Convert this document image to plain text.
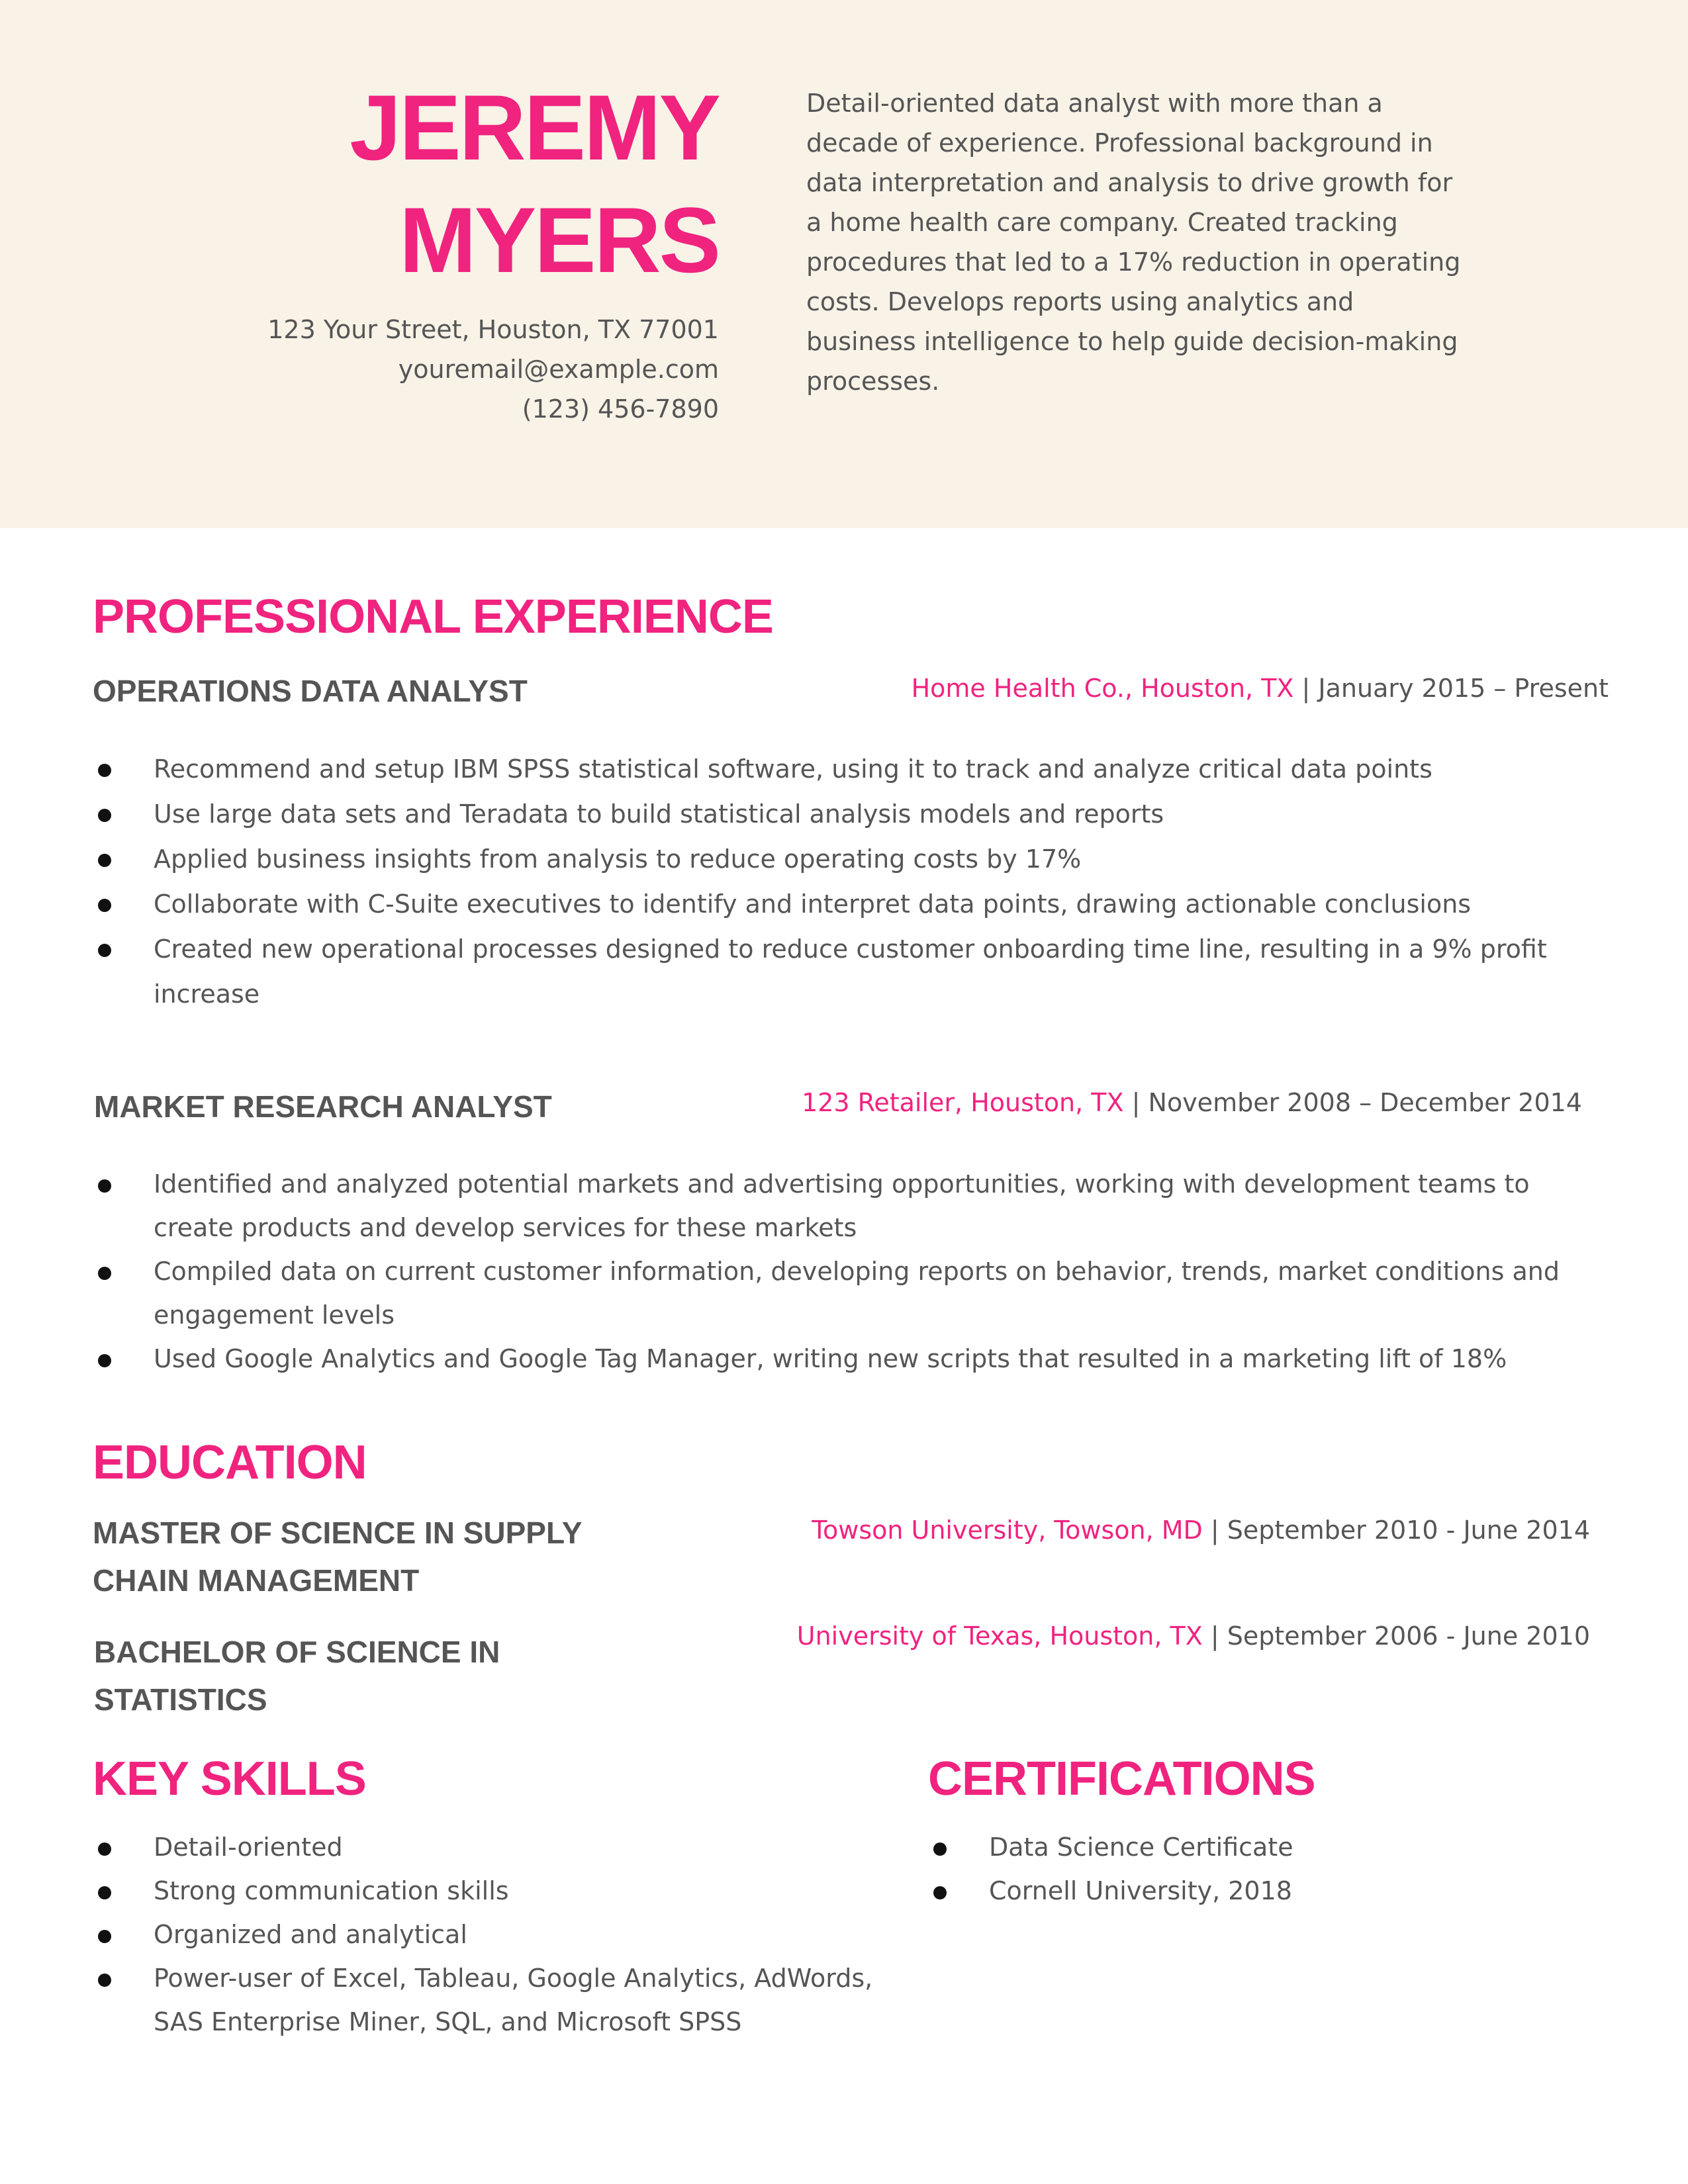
JEREMY
MYERS
123 Your Street, Houston, TX 77001
youremail@example.com
(123) 456-7890
Detail-oriented data analyst with more than a decade of experience. Professional background in data interpretation and analysis to drive growth for a home health care company. Created tracking procedures that led to a 17% reduction in operating costs. Develops reports using analytics and business intelligence to help guide decision-making processes.
PROFESSIONAL EXPERIENCE
OPERATIONS DATA ANALYST	Home Health Co., Houston, TX | January 2015 – Present
Recommend and setup IBM SPSS statistical software, using it to track and analyze critical data points
Use large data sets and Teradata to build statistical analysis models and reports
Applied business insights from analysis to reduce operating costs by 17%
Collaborate with C-Suite executives to identify and interpret data points, drawing actionable conclusions
Created new operational processes designed to reduce customer onboarding time line, resulting in a 9% profit increase
MARKET RESEARCH ANALYST	123 Retailer, Houston, TX | November 2008 – December 2014
Identified and analyzed potential markets and advertising opportunities, working with development teams to create products and develop services for these markets
Compiled data on current customer information, developing reports on behavior, trends, market conditions and engagement levels
Used Google Analytics and Google Tag Manager, writing new scripts that resulted in a marketing lift of 18%
EDUCATION
MASTER OF SCIENCE IN SUPPLY
CHAIN MANAGEMENT
Towson University, Towson, MD | September 2010 - June 2014
BACHELOR OF SCIENCE IN
STATISTICS
University of Texas, Houston, TX | September 2006 - June 2010
KEY SKILLS
Detail-oriented
Strong communication skills
Organized and analytical
Power-user of Excel, Tableau, Google Analytics, AdWords, SAS Enterprise Miner, SQL, and Microsoft SPSS
CERTIFICATIONS
Data Science Certificate
Cornell University, 2018
